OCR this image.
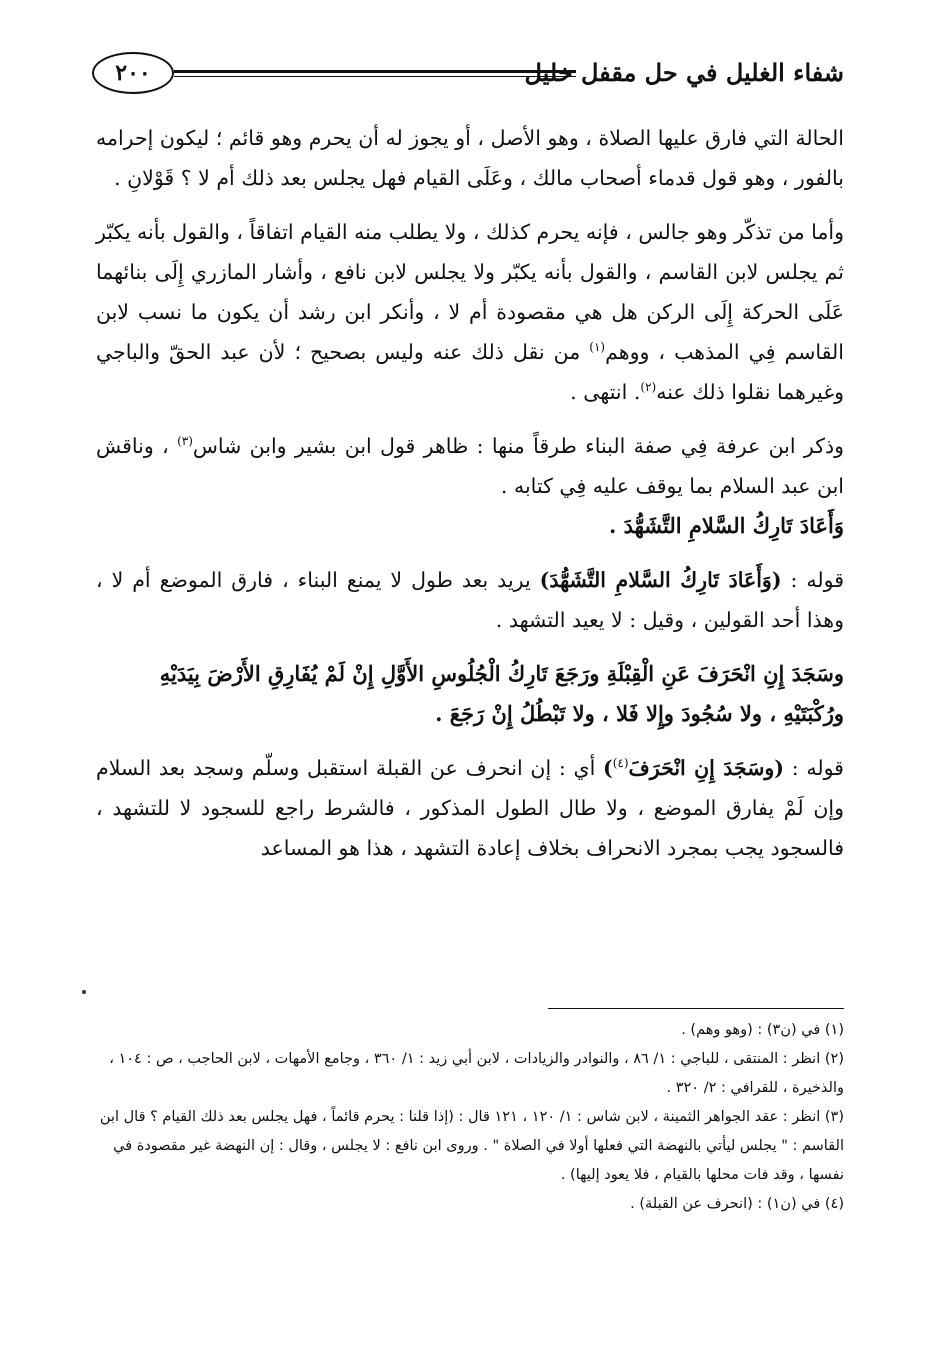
٢٠٠	شفاء الغليل في حل مقفل خليل

الحالة التي فارق عليها الصلاة ، وهو الأصل ، أو يجوز له أن يحرم وهو قائم ؛ ليكون إحرامه بالفور ، وهو قول قدماء أصحاب مالك ، وعَلَى القيام فهل يجلس بعد ذلك أم لا ؟ قَوْلانِ .

وأما من تذكّر وهو جالس ، فإنه يحرم كذلك ، ولا يطلب منه القيام اتفاقاً ، والقول بأنه يكبّر ثم يجلس لابن القاسم ، والقول بأنه يكبّر ولا يجلس لابن نافع ، وأشار المازري إِلَى بنائهما عَلَى الحركة إِلَى الركن هل هي مقصودة أم لا ، وأنكر ابن رشد أن يكون ما نسب لابن القاسم فِي المذهب ، ووهم$^{(١)}$ من نقل ذلك عنه وليس بصحيح ؛ لأن عبد الحقّ والباجي وغيرهما نقلوا ذلك عنه$^{(٢)}$. انتهى .

وذكر ابن عرفة فِي صفة البناء طرقاً منها : ظاهر قول ابن بشير وابن شاس$^{(٣)}$ ، وناقش ابن عبد السلام بما يوقف عليه فِي كتابه .

وَأَعَادَ تَارِكُ السَّلامِ التَّشَهُّدَ .

قوله : (وَأَعَادَ تَارِكُ السَّلامِ التَّشَهُّدَ) يريد بعد طول لا يمنع البناء ، فارق الموضع أم لا ، وهذا أحد القولين ، وقيل : لا يعيد التشهد .

وسَجَدَ إِنِ انْحَرَفَ عَنِ الْقِبْلَةِ ورَجَعَ تَارِكُ الْجُلُوسِ الأَوَّلِ إِنْ لَمْ يُفَارِقِ الأَرْضَ بِيَدَيْهِ ورُكْبَتَيْهِ ، ولا سُجُودَ وإِلا فَلا ، ولا تَبْطُلُ إِنْ رَجَعَ .

قوله : (وسَجَدَ إِنِ انْحَرَفَ$^{(٤)}$) أي : إن انحرف عن القبلة استقبل وسلّم وسجد بعد السلام وإن لَمْ يفارق الموضع ، ولا طال الطول المذكور ، فالشرط راجع للسجود لا للتشهد ، فالسجود يجب بمجرد الانحراف بخلاف إعادة التشهد ، هذا هو المساعد

(١) في (ن٣) : (وهو وهم) .

(٢) انظر : المنتقى ، للباجي : ١/ ٨٦ ، والنوادر والزيادات ، لابن أبي زيد : ١/ ٣٦٠ ، وجامع الأمهات ، لابن الحاجب ، ص : ١٠٤ ، والذخيرة ، للقرافي : ٢/ ٣٢٠ .

(٣) انظر : عقد الجواهر الثمينة ، لابن شاس : ١/ ١٢٠ ، ١٢١ قال : (إذا قلنا : يحرم قائماً ، فهل يجلس بعد ذلك القيام ؟ قال ابن القاسم : " يجلس ليأتي بالنهضة التي فعلها أولا في الصلاة " . وروى ابن نافع : لا يجلس ، وقال : إن النهضة غير مقصودة في نفسها ، وقد فات محلها بالقيام ، فلا يعود إليها) .

(٤) في (ن١) : (انحرف عن القبلة) .
